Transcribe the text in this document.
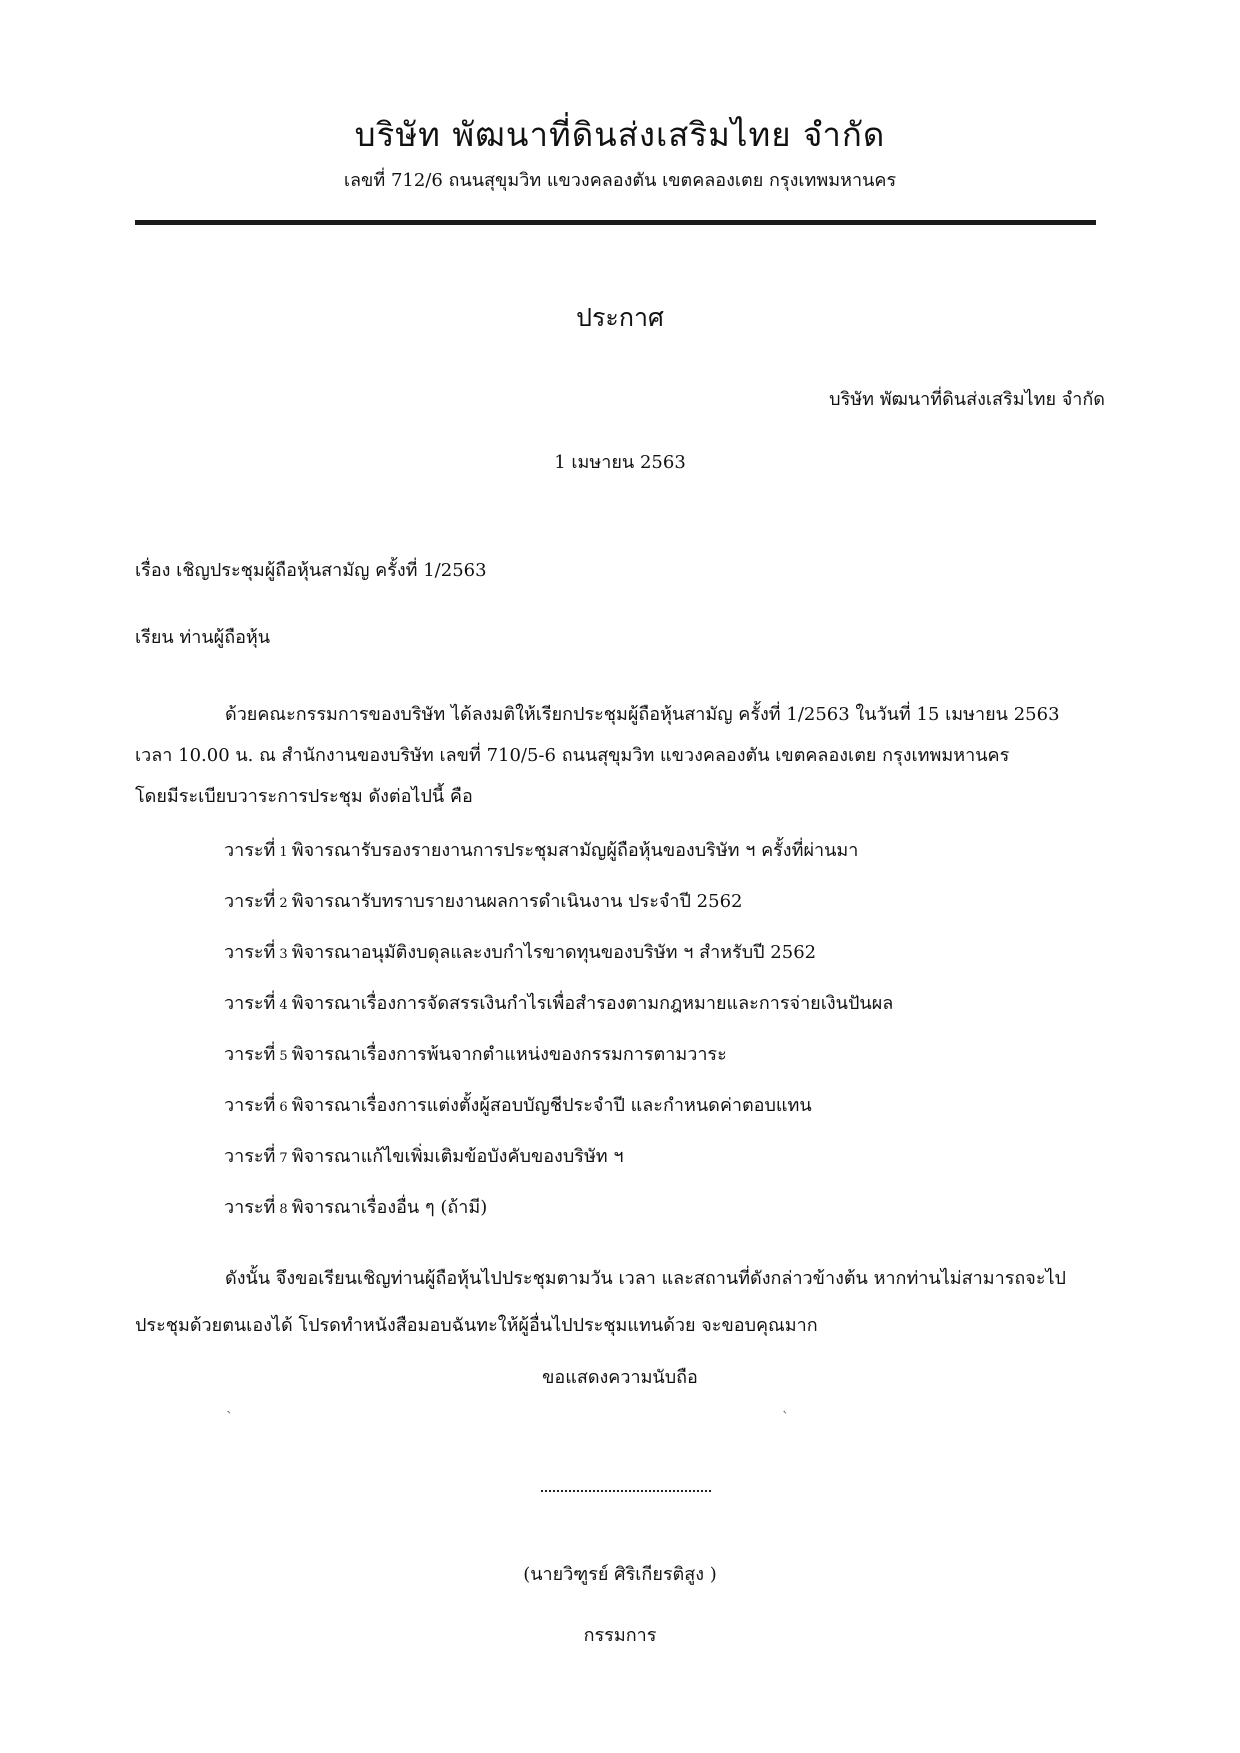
บริษัท พัฒนาที่ดินส่งเสริมไทย จำกัด
เลขที่ 712/6 ถนนสุขุมวิท แขวงคลองตัน เขตคลองเตย กรุงเทพมหานคร
ประกาศ
บริษัท พัฒนาที่ดินส่งเสริมไทย จำกัด
1 เมษายน 2563
เรื่อง เชิญประชุมผู้ถือหุ้นสามัญ ครั้งที่ 1/2563
เรียน ท่านผู้ถือหุ้น
ด้วยคณะกรรมการของบริษัท ได้ลงมติให้เรียกประชุมผู้ถือหุ้นสามัญ ครั้งที่ 1/2563 ในวันที่ 15 เมษายน 2563
เวลา 10.00 น. ณ สำนักงานของบริษัท เลขที่ 710/5-6 ถนนสุขุมวิท แขวงคลองตัน เขตคลองเตย กรุงเทพมหานคร
โดยมีระเบียบวาระการประชุม ดังต่อไปนี้ คือ
วาระที่ 1 พิจารณารับรองรายงานการประชุมสามัญผู้ถือหุ้นของบริษัท ฯ ครั้งที่ผ่านมา
วาระที่ 2 พิจารณารับทราบรายงานผลการดำเนินงาน ประจำปี 2562
วาระที่ 3 พิจารณาอนุมัติงบดุลและงบกำไรขาดทุนของบริษัท ฯ สำหรับปี 2562
วาระที่ 4 พิจารณาเรื่องการจัดสรรเงินกำไรเพื่อสำรองตามกฎหมายและการจ่ายเงินปันผล
วาระที่ 5 พิจารณาเรื่องการพ้นจากตำแหน่งของกรรมการตามวาระ
วาระที่ 6 พิจารณาเรื่องการแต่งตั้งผู้สอบบัญชีประจำปี และกำหนดค่าตอบแทน
วาระที่ 7 พิจารณาแก้ไขเพิ่มเติมข้อบังคับของบริษัท ฯ
วาระที่ 8 พิจารณาเรื่องอื่น ๆ (ถ้ามี)
ดังนั้น จึงขอเรียนเชิญท่านผู้ถือหุ้นไปประชุมตามวัน เวลา และสถานที่ดังกล่าวข้างต้น หากท่านไม่สามารถจะไป
ประชุมด้วยตนเองได้ โปรดทำหนังสือมอบฉันทะให้ผู้อื่นไปประชุมแทนด้วย จะขอบคุณมาก
ขอแสดงความนับถือ
`	`
(นายวิฑูรย์ ศิริเกียรติสูง )
กรรมการ
